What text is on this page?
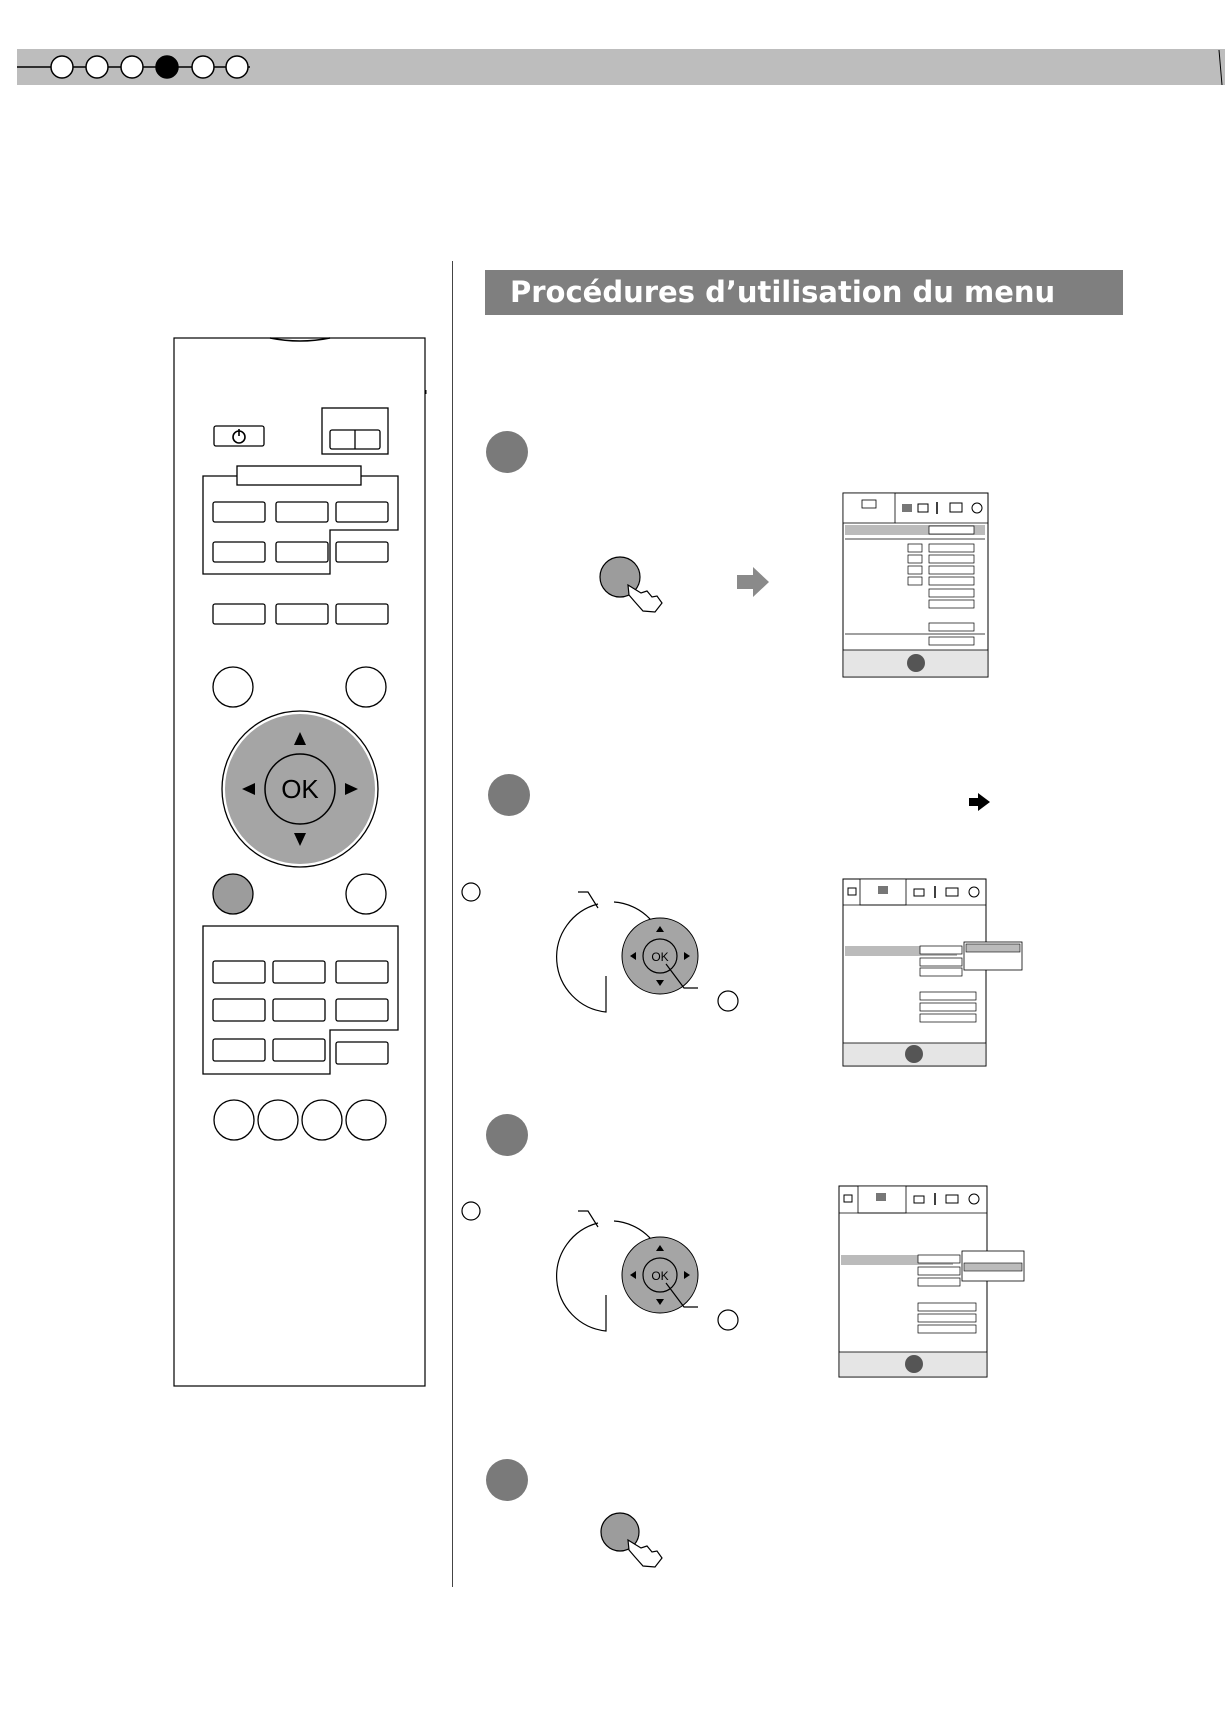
Procédures d’utilisation du menu
OK
OK
OK
